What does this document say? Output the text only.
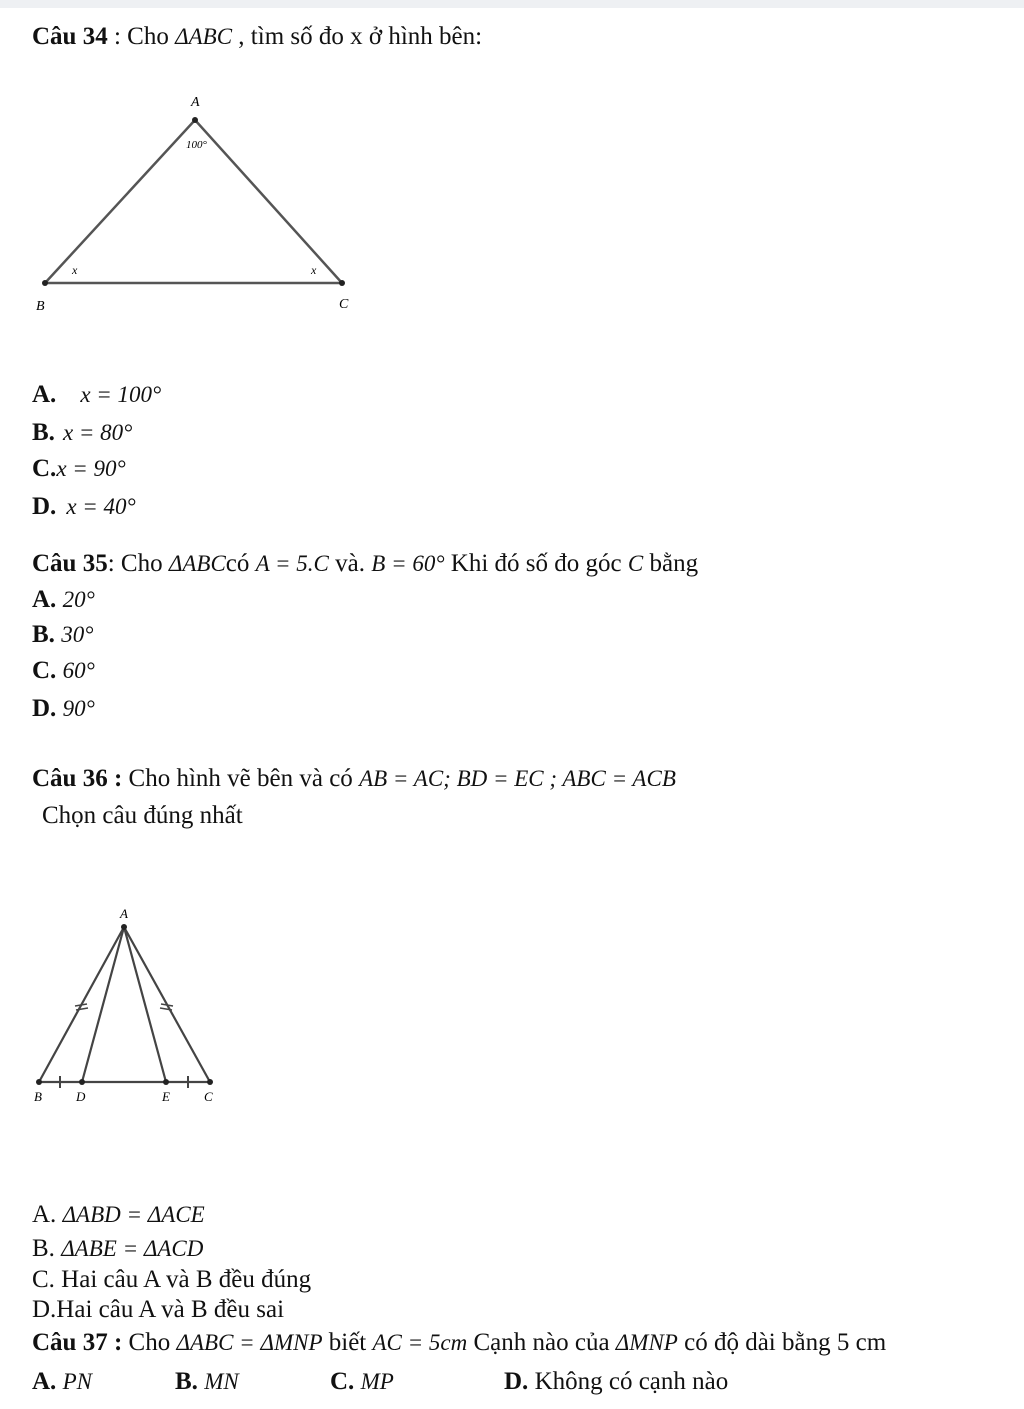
Câu 34 : Cho ΔABC , tìm số đo x ở hình bên:
A
B	C
100°
x	x
A. x = 100°
B. x = 80°
C.x = 90°
D. x = 40°
Câu 35: Cho ΔABCcó A = 5.C và. B = 60° Khi đó số đo góc C bằng
A. 20°
B. 30°
C. 60°
D. 90°
Câu 36 : Cho hình vẽ bên và có AB = AC; BD = EC ; ABC = ACB
Chọn câu đúng nhất
A
B	D	E	C
A. ΔABD = ΔACE
B. ΔABE = ΔACD
C. Hai câu A và B đều đúng
D.Hai câu A và B đều sai
Câu 37 : Cho ΔABC = ΔMNP biết AC = 5cm Cạnh nào của ΔMNP có độ dài bằng 5 cm
A. PN	B. MN	C. MP	D. Không có cạnh nào
